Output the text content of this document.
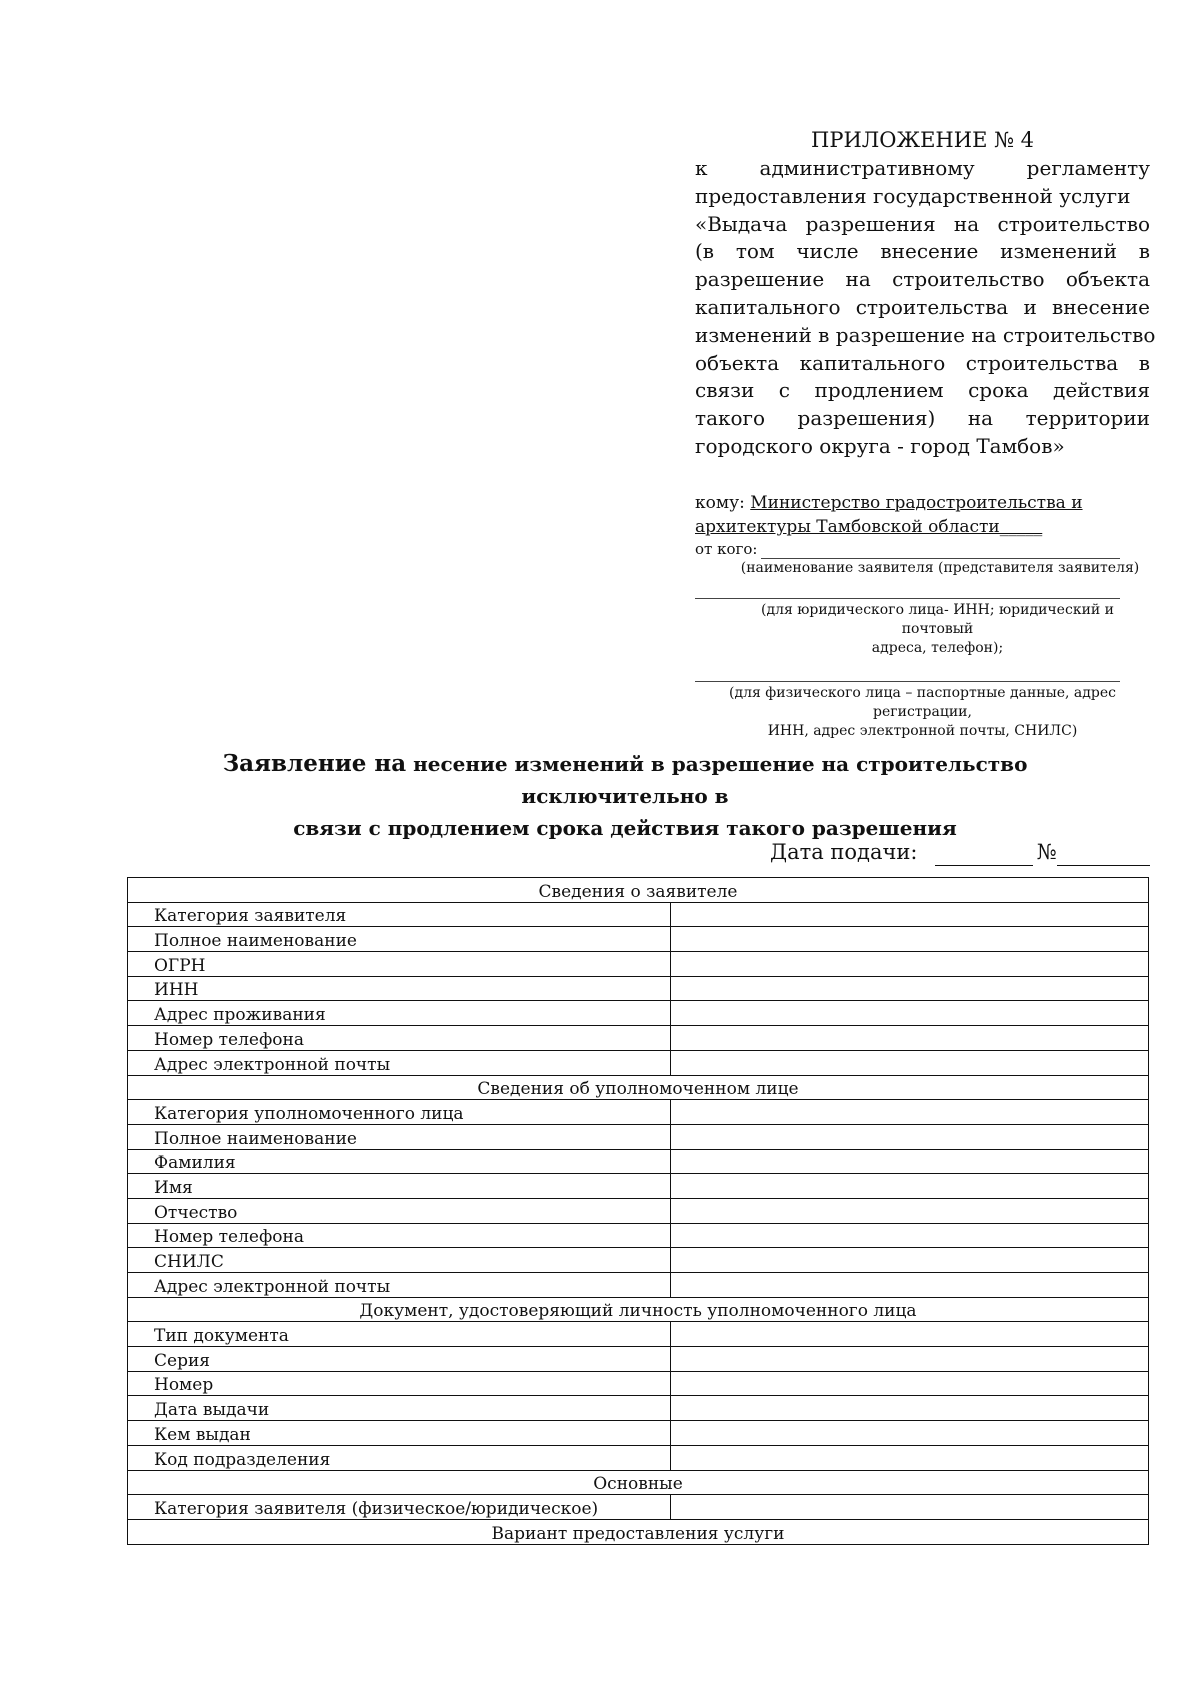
ПРИЛОЖЕНИЕ № 4
к административному регламенту
предоставления государственной услуги
«Выдача разрешения на строительство
(в том числе внесение изменений в
разрешение на строительство объекта
капитального строительства и внесение
изменений в разрешение на строительство
объекта капитального строительства в
связи с продлением срока действия
такого разрешения) на территории
городского округа - город Тамбов»
кому: Министерство градостроительства и
архитектуры Тамбовской области_____
от кого:
(наименование заявителя (представителя заявителя)
(для юридического лица- ИНН; юридический и почтовый
адреса, телефон);
(для физического лица – паспортные данные, адрес регистрации,
ИНН, адрес электронной почты, СНИЛС)
Заявление на несение изменений в разрешение на строительство исключительно в
связи с продлением срока действия такого разрешения
Дата подачи:	№
Сведения о заявителе	
Категория заявителя	
Полное наименование	
ОГРН	
ИНН	
Адрес проживания	
Номер телефона	
Адрес электронной почты	
Сведения об уполномоченном лице	
Категория уполномоченного лица	
Полное наименование	
Фамилия	
Имя	
Отчество	
Номер телефона	
СНИЛС	
Адрес электронной почты	
Документ, удостоверяющий личность уполномоченного лица	
Тип документа	
Серия	
Номер	
Дата выдачи	
Кем выдан	
Код подразделения	
Основные	
Категория заявителя (физическое/юридическое)	
Вариант предоставления услуги	
